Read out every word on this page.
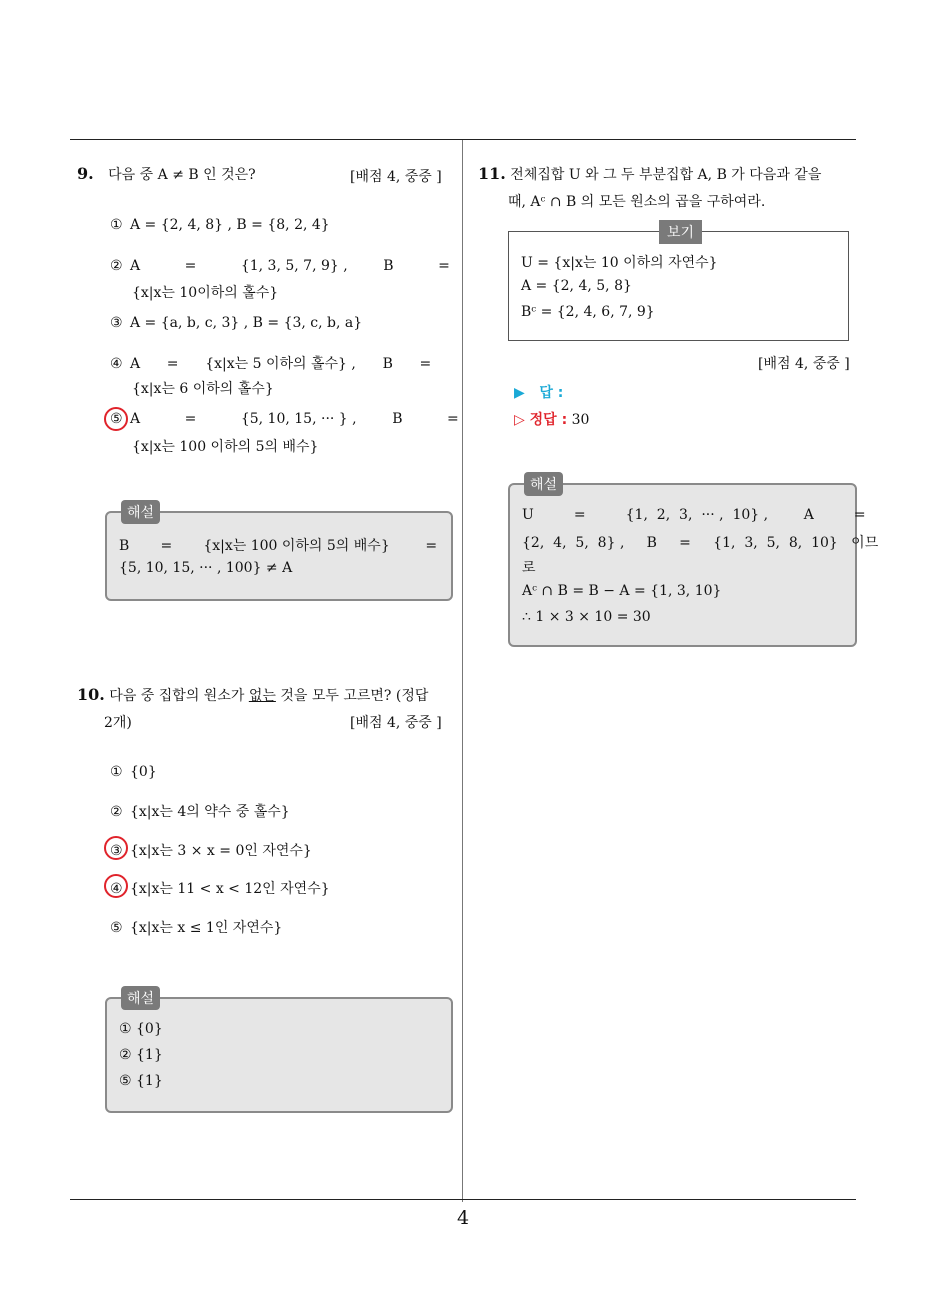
9. 다음 중 A ≠ B 인 것은?	[배점 4, 중중 ]
① A = {2, 4, 8} , B = {8, 2, 4}
② A          =          {1, 3, 5, 7, 9} ,        B          =
{x|x는 10이하의 홀수}
③ A = {a, b, c, 3} , B = {3, c, b, a}
④ A      =      {x|x는 5 이하의 홀수} ,      B      =
{x|x는 6 이하의 홀수}
⑤ A          =          {5, 10, 15, ··· } ,        B          =
{x|x는 100 이하의 5의 배수}
해설
B       =       {x|x는 100 이하의 5의 배수}        =
{5, 10, 15, ··· , 100} ≠ A
10. 다음 중 집합의 원소가 없는 것을 모두 고르면? (정답
2개)	[배점 4, 중중 ]
① {0}
② {x|x는 4의 약수 중 홀수}
③ {x|x는 3 × x = 0인 자연수}
④ {x|x는 11 < x < 12인 자연수}
⑤ {x|x는 x ≤ 1인 자연수}
해설
① {0}
② {1}
⑤ {1}
11. 전체집합 U 와 그 두 부분집합 A, B 가 다음과 같을
때, Aᶜ ∩ B 의 모든 원소의 곱을 구하여라.
보기
U = {x|x는 10 이하의 자연수}
A = {2, 4, 5, 8}
Bᶜ = {2, 4, 6, 7, 9}
[배점 4, 중중 ]
▶   답 :
▷ 정답 : 30
해설
U         =         {1,  2,  3,  ··· ,  10} ,        A         =
{2,  4,  5,  8} ,     B     =     {1,  3,  5,  8,  10}   이므
로
Aᶜ ∩ B = B − A = {1, 3, 10}
∴ 1 × 3 × 10 = 30
4
